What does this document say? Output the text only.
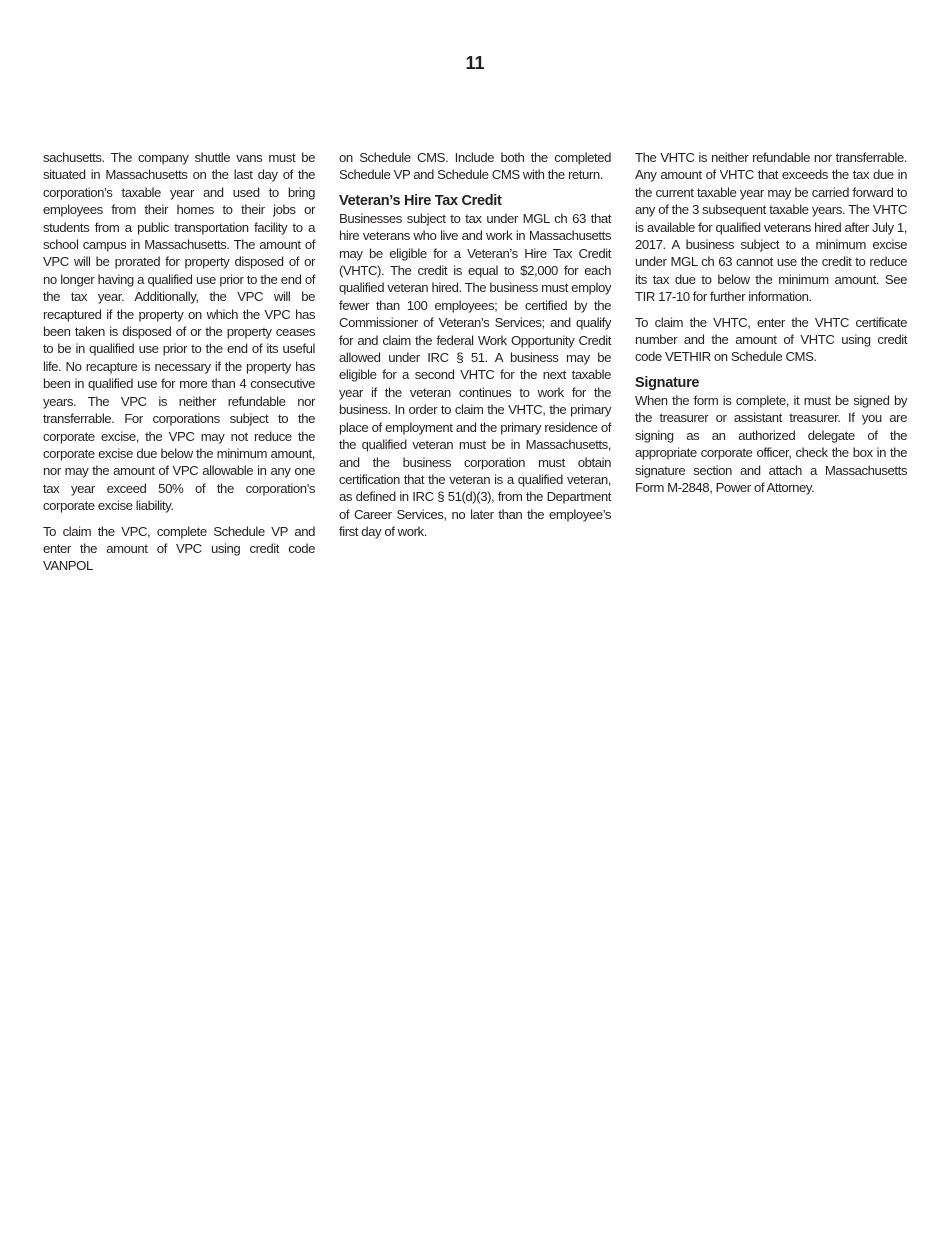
11

sachusetts. The company shuttle vans must be situated in Massachusetts on the last day of the corporation’s taxable year and used to bring employees from their homes to their jobs or students from a public transportation facility to a school campus in Massachusetts. The amount of VPC will be prorated for property disposed of or no longer having a qualified use prior to the end of the tax year. Additionally, the VPC will be recaptured if the property on which the VPC has been taken is disposed of or the property ceases to be in qualified use prior to the end of its useful life. No recapture is necessary if the property has been in qualified use for more than 4 consecutive years. The VPC is neither refundable nor transferrable. For corporations subject to the corporate excise, the VPC may not reduce the corporate excise due below the minimum amount, nor may the amount of VPC allowable in any one tax year exceed 50% of the corporation’s corporate excise liability.

To claim the VPC, complete Schedule VP and enter the amount of VPC using credit code VANPOL

on Schedule CMS. Include both the completed Schedule VP and Schedule CMS with the return.

Veteran’s Hire Tax Credit

Businesses subject to tax under MGL ch 63 that hire veterans who live and work in Massachusetts may be eligible for a Veteran’s Hire Tax Credit (VHTC). The credit is equal to $2,000 for each qualified veteran hired. The business must employ fewer than 100 employees; be certified by the Commissioner of Veteran’s Services; and qualify for and claim the federal Work Opportunity Credit allowed under IRC § 51. A business may be eligible for a second VHTC for the next taxable year if the veteran continues to work for the business. In order to claim the VHTC, the primary place of employment and the primary residence of the qualified veteran must be in Massachusetts, and the business corporation must obtain certification that the veteran is a qualified veteran, as defined in IRC § 51(d)(3), from the Department of Career Services, no later than the employee’s first day of work.

The VHTC is neither refundable nor transferrable. Any amount of VHTC that exceeds the tax due in the current taxable year may be carried forward to any of the 3 subsequent taxable years. The VHTC is available for qualified veterans hired after July 1, 2017. A business subject to a minimum excise under MGL ch 63 cannot use the credit to reduce its tax due to below the minimum amount. See TIR 17-10 for further information.

To claim the VHTC, enter the VHTC certificate number and the amount of VHTC using credit code VETHIR on Schedule CMS.

Signature

When the form is complete, it must be signed by the treasurer or assistant treasurer. If you are signing as an authorized delegate of the appropriate corporate officer, check the box in the signature section and attach a Massachusetts Form M-2848, Power of Attorney.
